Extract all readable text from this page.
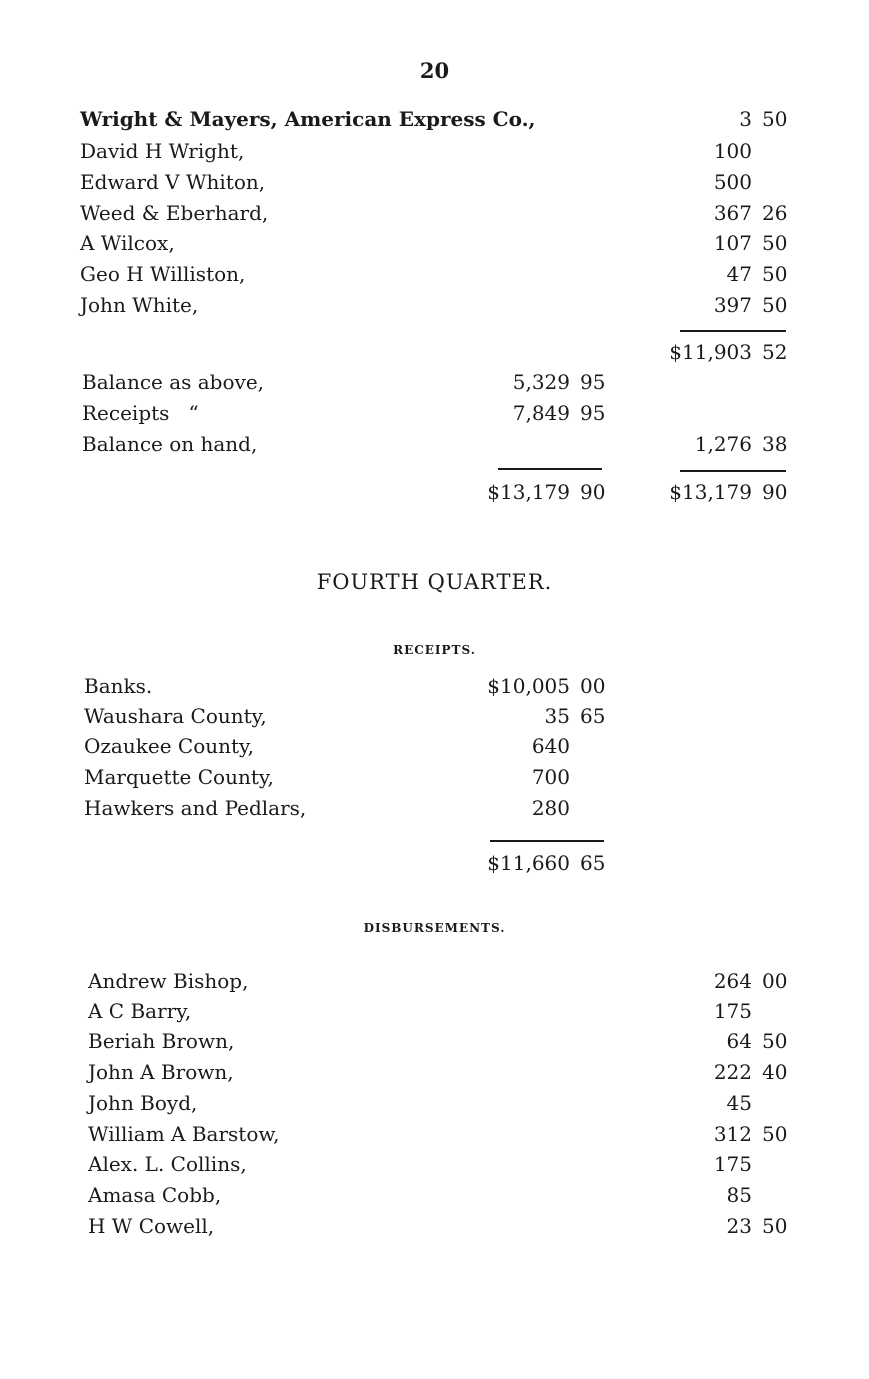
20
Wright & Mayers, American Express Co.,	3 50
David H Wright,	100
Edward V Whiton,	500
Weed & Eberhard,	367 26
A Wilcox,	107 50
Geo H Williston,	47 50
John White,	397 50
$11,903 52
Balance as above,	5,329 95
Receipts   “	7,849 95
Balance on hand,	1,276 38
$13,179 90	$13,179 90
FOURTH QUARTER.
RECEIPTS.
Banks.	$10,005 00
Waushara County,	35 65
Ozaukee County,	640
Marquette County,	700
Hawkers and Pedlars,	280
$11,660 65
DISBURSEMENTS.
Andrew Bishop,	264 00
A C Barry,	175
Beriah Brown,	64 50
John A Brown,	222 40
John Boyd,	45
William A Barstow,	312 50
Alex. L. Collins,	175
Amasa Cobb,	85
H W Cowell,	23 50
